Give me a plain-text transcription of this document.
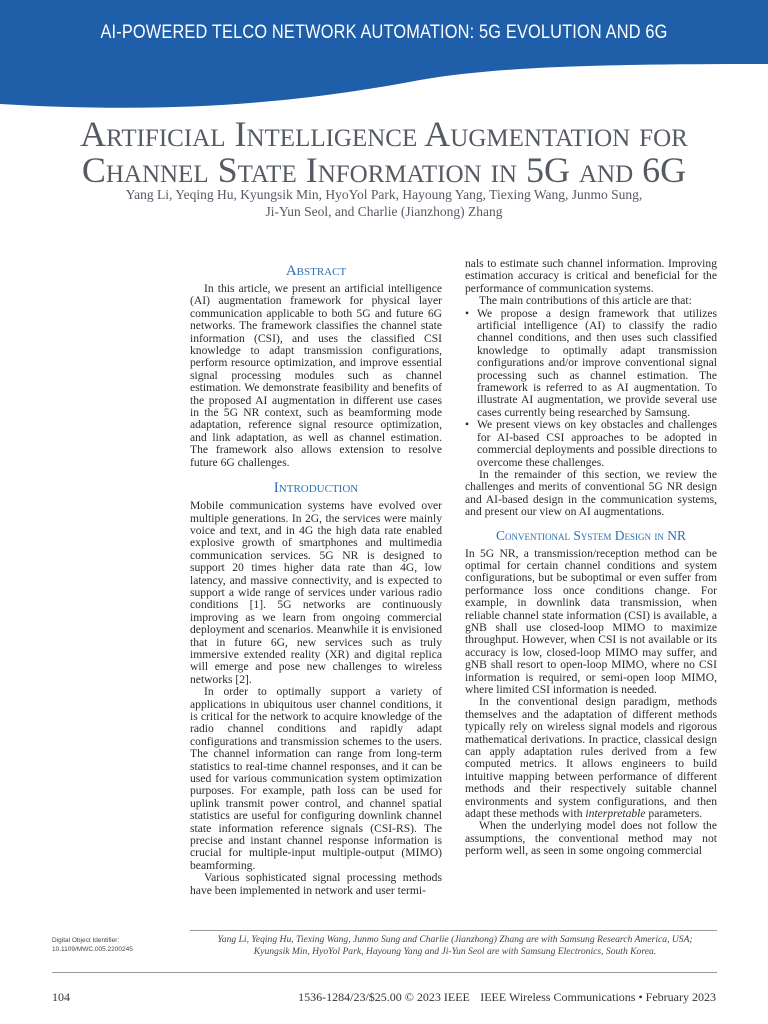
AI-POWERED TELCO NETWORK AUTOMATION: 5G EVOLUTION AND 6G
Artificial Intelligence Augmentation for
Channel State Information in 5G and 6G
Yang Li, Yeqing Hu, Kyungsik Min, HyoYol Park, Hayoung Yang, Tiexing Wang, Junmo Sung,
Ji-Yun Seol, and Charlie (Jianzhong) Zhang
Abstract

In this article, we present an artificial intelligence (AI) augmentation framework for physical layer communication applicable to both 5G and future 6G networks. The framework classifies the channel state information (CSI), and uses the classified CSI knowledge to adapt transmission configurations, perform resource optimization, and improve essential signal processing modules such as channel estimation. We demonstrate feasibility and benefits of the proposed AI augmentation in different use cases in the 5G NR context, such as beamforming mode adaptation, reference signal resource optimization, and link adaptation, as well as channel estimation. The framework also allows extension to resolve future 6G challenges.

Introduction

Mobile communication systems have evolved over multiple generations. In 2G, the services were mainly voice and text, and in 4G the high data rate enabled explosive growth of smartphones and multimedia communication services. 5G NR is designed to support 20 times higher data rate than 4G, low latency, and massive connectivity, and is expected to support a wide range of services under various radio conditions [1]. 5G networks are continuously improving as we learn from ongoing commercial deployment and scenarios. Meanwhile it is envisioned that in future 6G, new services such as truly immersive extended reality (XR) and digital replica will emerge and pose new challenges to wireless networks [2].

In order to optimally support a variety of applications in ubiquitous user channel conditions, it is critical for the network to acquire knowledge of the radio channel conditions and rapidly adapt configurations and transmission schemes to the users. The channel information can range from long-term statistics to real-time channel responses, and it can be used for various communication system optimization purposes. For example, path loss can be used for uplink transmit power control, and channel spatial statistics are useful for configuring downlink channel state information reference signals (CSI-RS). The precise and instant channel response information is crucial for multiple-input multiple-output (MIMO) beamforming.

Various sophisticated signal processing methods have been implemented in network and user termi-

nals to estimate such channel information. Improving estimation accuracy is critical and beneficial for the performance of communication systems.

The main contributions of this article are that:

• We propose a design framework that utilizes artificial intelligence (AI) to classify the radio channel conditions, and then uses such classified knowledge to optimally adapt transmission configurations and/or improve conventional signal processing such as channel estimation. The framework is referred to as AI augmentation. To illustrate AI augmentation, we provide several use cases currently being researched by Samsung.
• We present views on key obstacles and challenges for AI-based CSI approaches to be adopted in commercial deployments and possible directions to overcome these challenges.

In the remainder of this section, we review the challenges and merits of conventional 5G NR design and AI-based design in the communication systems, and present our view on AI augmentations.

Conventional System Design in NR

In 5G NR, a transmission/reception method can be optimal for certain channel conditions and system configurations, but be suboptimal or even suffer from performance loss once conditions change. For example, in downlink data transmission, when reliable channel state information (CSI) is available, a gNB shall use closed-loop MIMO to maximize throughput. However, when CSI is not available or its accuracy is low, closed-loop MIMO may suffer, and gNB shall resort to open-loop MIMO, where no CSI information is required, or semi-open loop MIMO, where limited CSI information is needed.

In the conventional design paradigm, methods themselves and the adaptation of different methods typically rely on wireless signal models and rigorous mathematical derivations. In practice, classical design can apply adaptation rules derived from a few computed metrics. It allows engineers to build intuitive mapping between performance of different methods and their respectively suitable channel environments and system configurations, and then adapt these methods with interpretable parameters.

When the underlying model does not follow the assumptions, the conventional method may not perform well, as seen in some ongoing commercial

Digital Object Identifier:
10.1109/MWC.005.2200245
Yang Li, Yeqing Hu, Tiexing Wang, Junmo Sung and Charlie (Jianzhong) Zhang are with Samsung Research America, USA;
Kyungsik Min, HyoYol Park, Hayoung Yang and Ji-Yun Seol are with Samsung Electronics, South Korea.
104	1536-1284/23/$25.00 © 2023 IEEE IEEE Wireless Communications • February 2023
